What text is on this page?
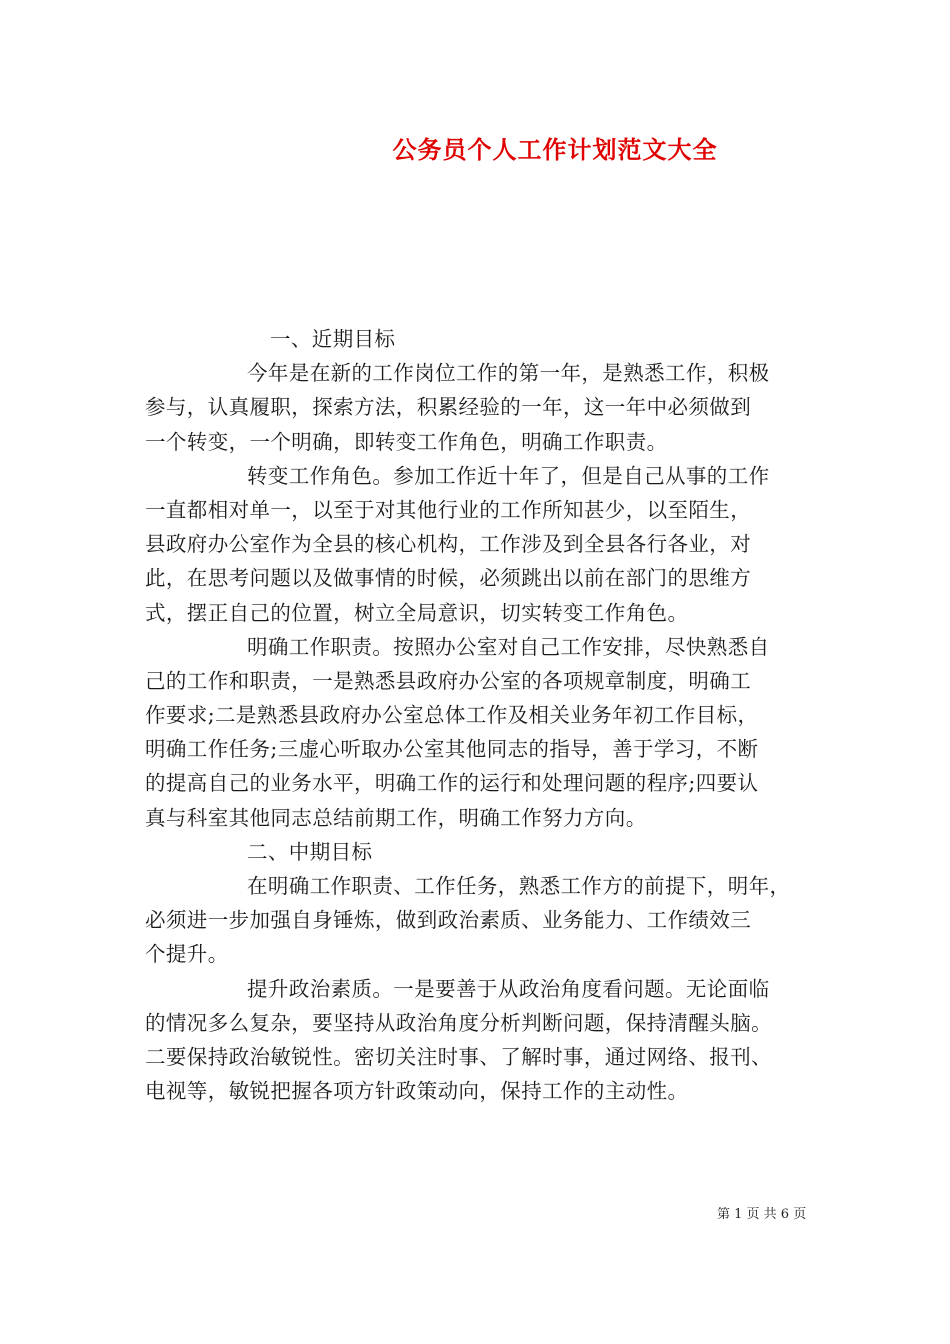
公务员个人工作计划范文大全
一、近期目标
今年是在新的工作岗位工作的第一年，是熟悉工作，积极
参与，认真履职，探索方法，积累经验的一年，这一年中必须做到
一个转变，一个明确，即转变工作角色，明确工作职责。
转变工作角色。参加工作近十年了，但是自己从事的工作
一直都相对单一，以至于对其他行业的工作所知甚少，以至陌生，
县政府办公室作为全县的核心机构，工作涉及到全县各行各业，对
此，在思考问题以及做事情的时候，必须跳出以前在部门的思维方
式，摆正自己的位置，树立全局意识，切实转变工作角色。
明确工作职责。按照办公室对自己工作安排，尽快熟悉自
己的工作和职责，一是熟悉县政府办公室的各项规章制度，明确工
作要求;二是熟悉县政府办公室总体工作及相关业务年初工作目标，
明确工作任务;三虚心听取办公室其他同志的指导，善于学习，不断
的提高自己的业务水平，明确工作的运行和处理问题的程序;四要认
真与科室其他同志总结前期工作，明确工作努力方向。
二、中期目标
在明确工作职责、工作任务，熟悉工作方的前提下，明年，
必须进一步加强自身锤炼，做到政治素质、业务能力、工作绩效三
个提升。
提升政治素质。一是要善于从政治角度看问题。无论面临
的情况多么复杂，要坚持从政治角度分析判断问题，保持清醒头脑。
二要保持政治敏锐性。密切关注时事、了解时事，通过网络、报刊、
电视等，敏锐把握各项方针政策动向，保持工作的主动性。
第 1 页 共 6 页
